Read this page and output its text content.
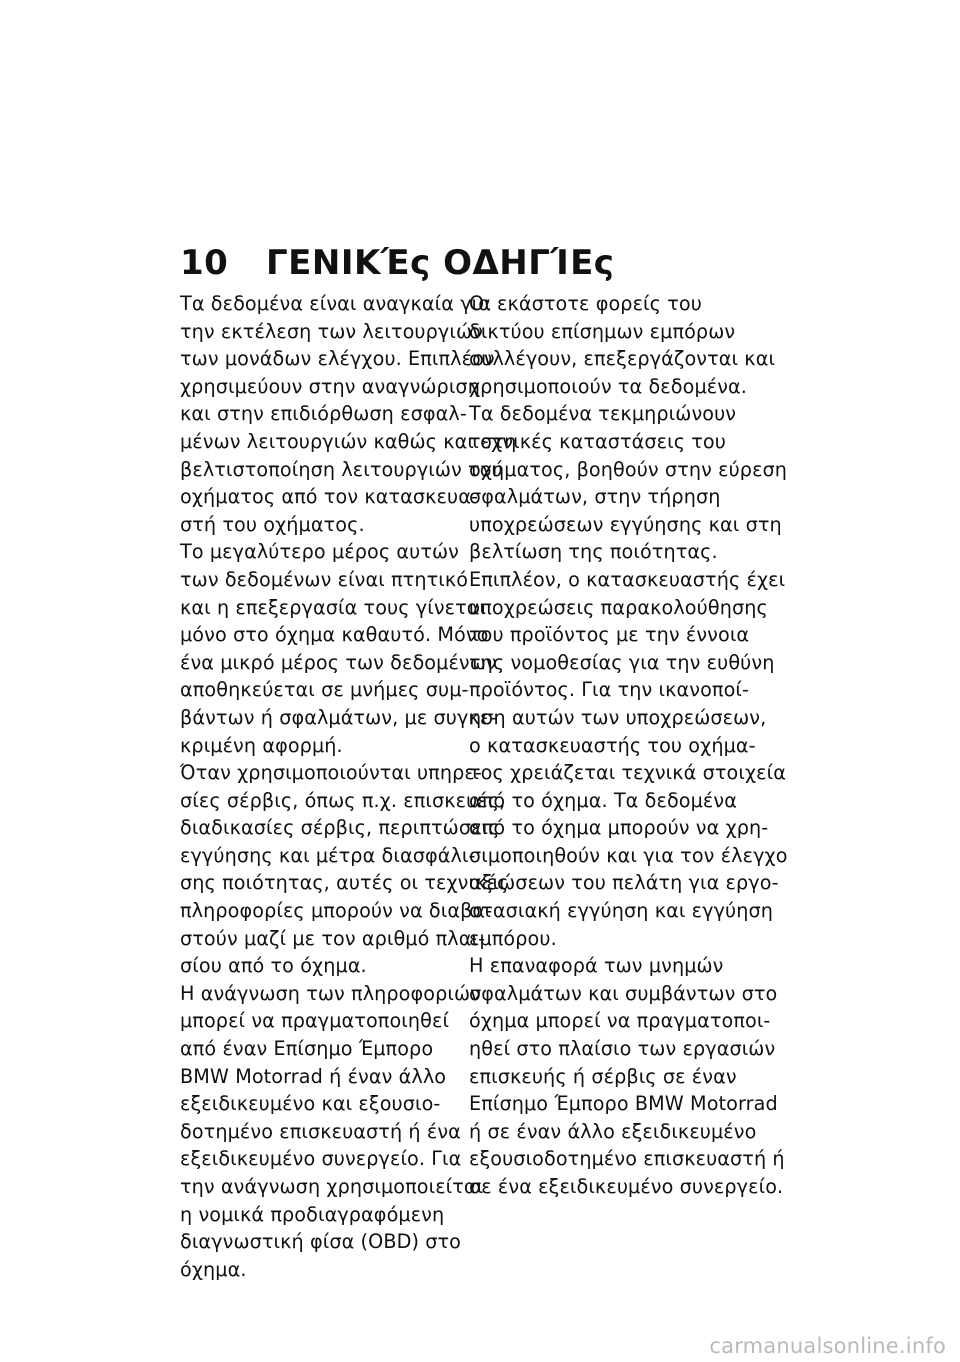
10	ΓΕΝΙΚΈς ΟΔΗΓΊΕς
Τα δεδομένα είναι αναγκαία για
την εκτέλεση των λειτουργιών
των μονάδων ελέγχου. Επιπλέον
χρησιμεύουν στην αναγνώριση
και στην επιδιόρθωση εσφαλ-
μένων λειτουργιών καθώς και στη
βελτιστοποίηση λειτουργιών του
οχήματος από τον κατασκευα-
στή του οχήματος.
Το μεγαλύτερο μέρος αυτών
των δεδομένων είναι πτητικό
και η επεξεργασία τους γίνεται
μόνο στο όχημα καθαυτό. Μόνο
ένα μικρό μέρος των δεδομένων
αποθηκεύεται σε μνήμες συμ-
βάντων ή σφαλμάτων, με συγκε-
κριμένη αφορμή.
Όταν χρησιμοποιούνται υπηρε-
σίες σέρβις, όπως π.χ. επισκευές,
διαδικασίες σέρβις, περιπτώσεις
εγγύησης και μέτρα διασφάλι-
σης ποιότητας, αυτές οι τεχνικές
πληροφορίες μπορούν να διαβα-
στούν μαζί με τον αριθμό πλαι-
σίου από το όχημα.
Η ανάγνωση των πληροφοριών
μπορεί να πραγματοποιηθεί
από έναν Επίσημο Έμπορο
BMW Motorrad ή έναν άλλο
εξειδικευμένο και εξουσιο-
δοτημένο επισκευαστή ή ένα
εξειδικευμένο συνεργείο. Για
την ανάγνωση χρησιμοποιείται
η νομικά προδιαγραφόμενη
διαγνωστική φίσα (OBD) στο
όχημα.
Οι εκάστοτε φορείς του
δικτύου επίσημων εμπόρων
συλλέγουν, επεξεργάζονται και
χρησιμοποιούν τα δεδομένα.
Τα δεδομένα τεκμηριώνουν
τεχνικές καταστάσεις του
οχήματος, βοηθούν στην εύρεση
σφαλμάτων, στην τήρηση
υποχρεώσεων εγγύησης και στη
βελτίωση της ποιότητας.
Επιπλέον, ο κατασκευαστής έχει
υποχρεώσεις παρακολούθησης
του προϊόντος με την έννοια
της νομοθεσίας για την ευθύνη
προϊόντος. Για την ικανοποί-
ηση αυτών των υποχρεώσεων,
ο κατασκευαστής του οχήμα-
τος χρειάζεται τεχνικά στοιχεία
από το όχημα. Τα δεδομένα
από το όχημα μπορούν να χρη-
σιμοποιηθούν και για τον έλεγχο
αξιώσεων του πελάτη για εργο-
στασιακή εγγύηση και εγγύηση
εμπόρου.
Η επαναφορά των μνημών
σφαλμάτων και συμβάντων στο
όχημα μπορεί να πραγματοποι-
ηθεί στο πλαίσιο των εργασιών
επισκευής ή σέρβις σε έναν
Επίσημο Έμπορο BMW Motorrad
ή σε έναν άλλο εξειδικευμένο
εξουσιοδοτημένο επισκευαστή ή
σε ένα εξειδικευμένο συνεργείο.
carmanualsonline.info
